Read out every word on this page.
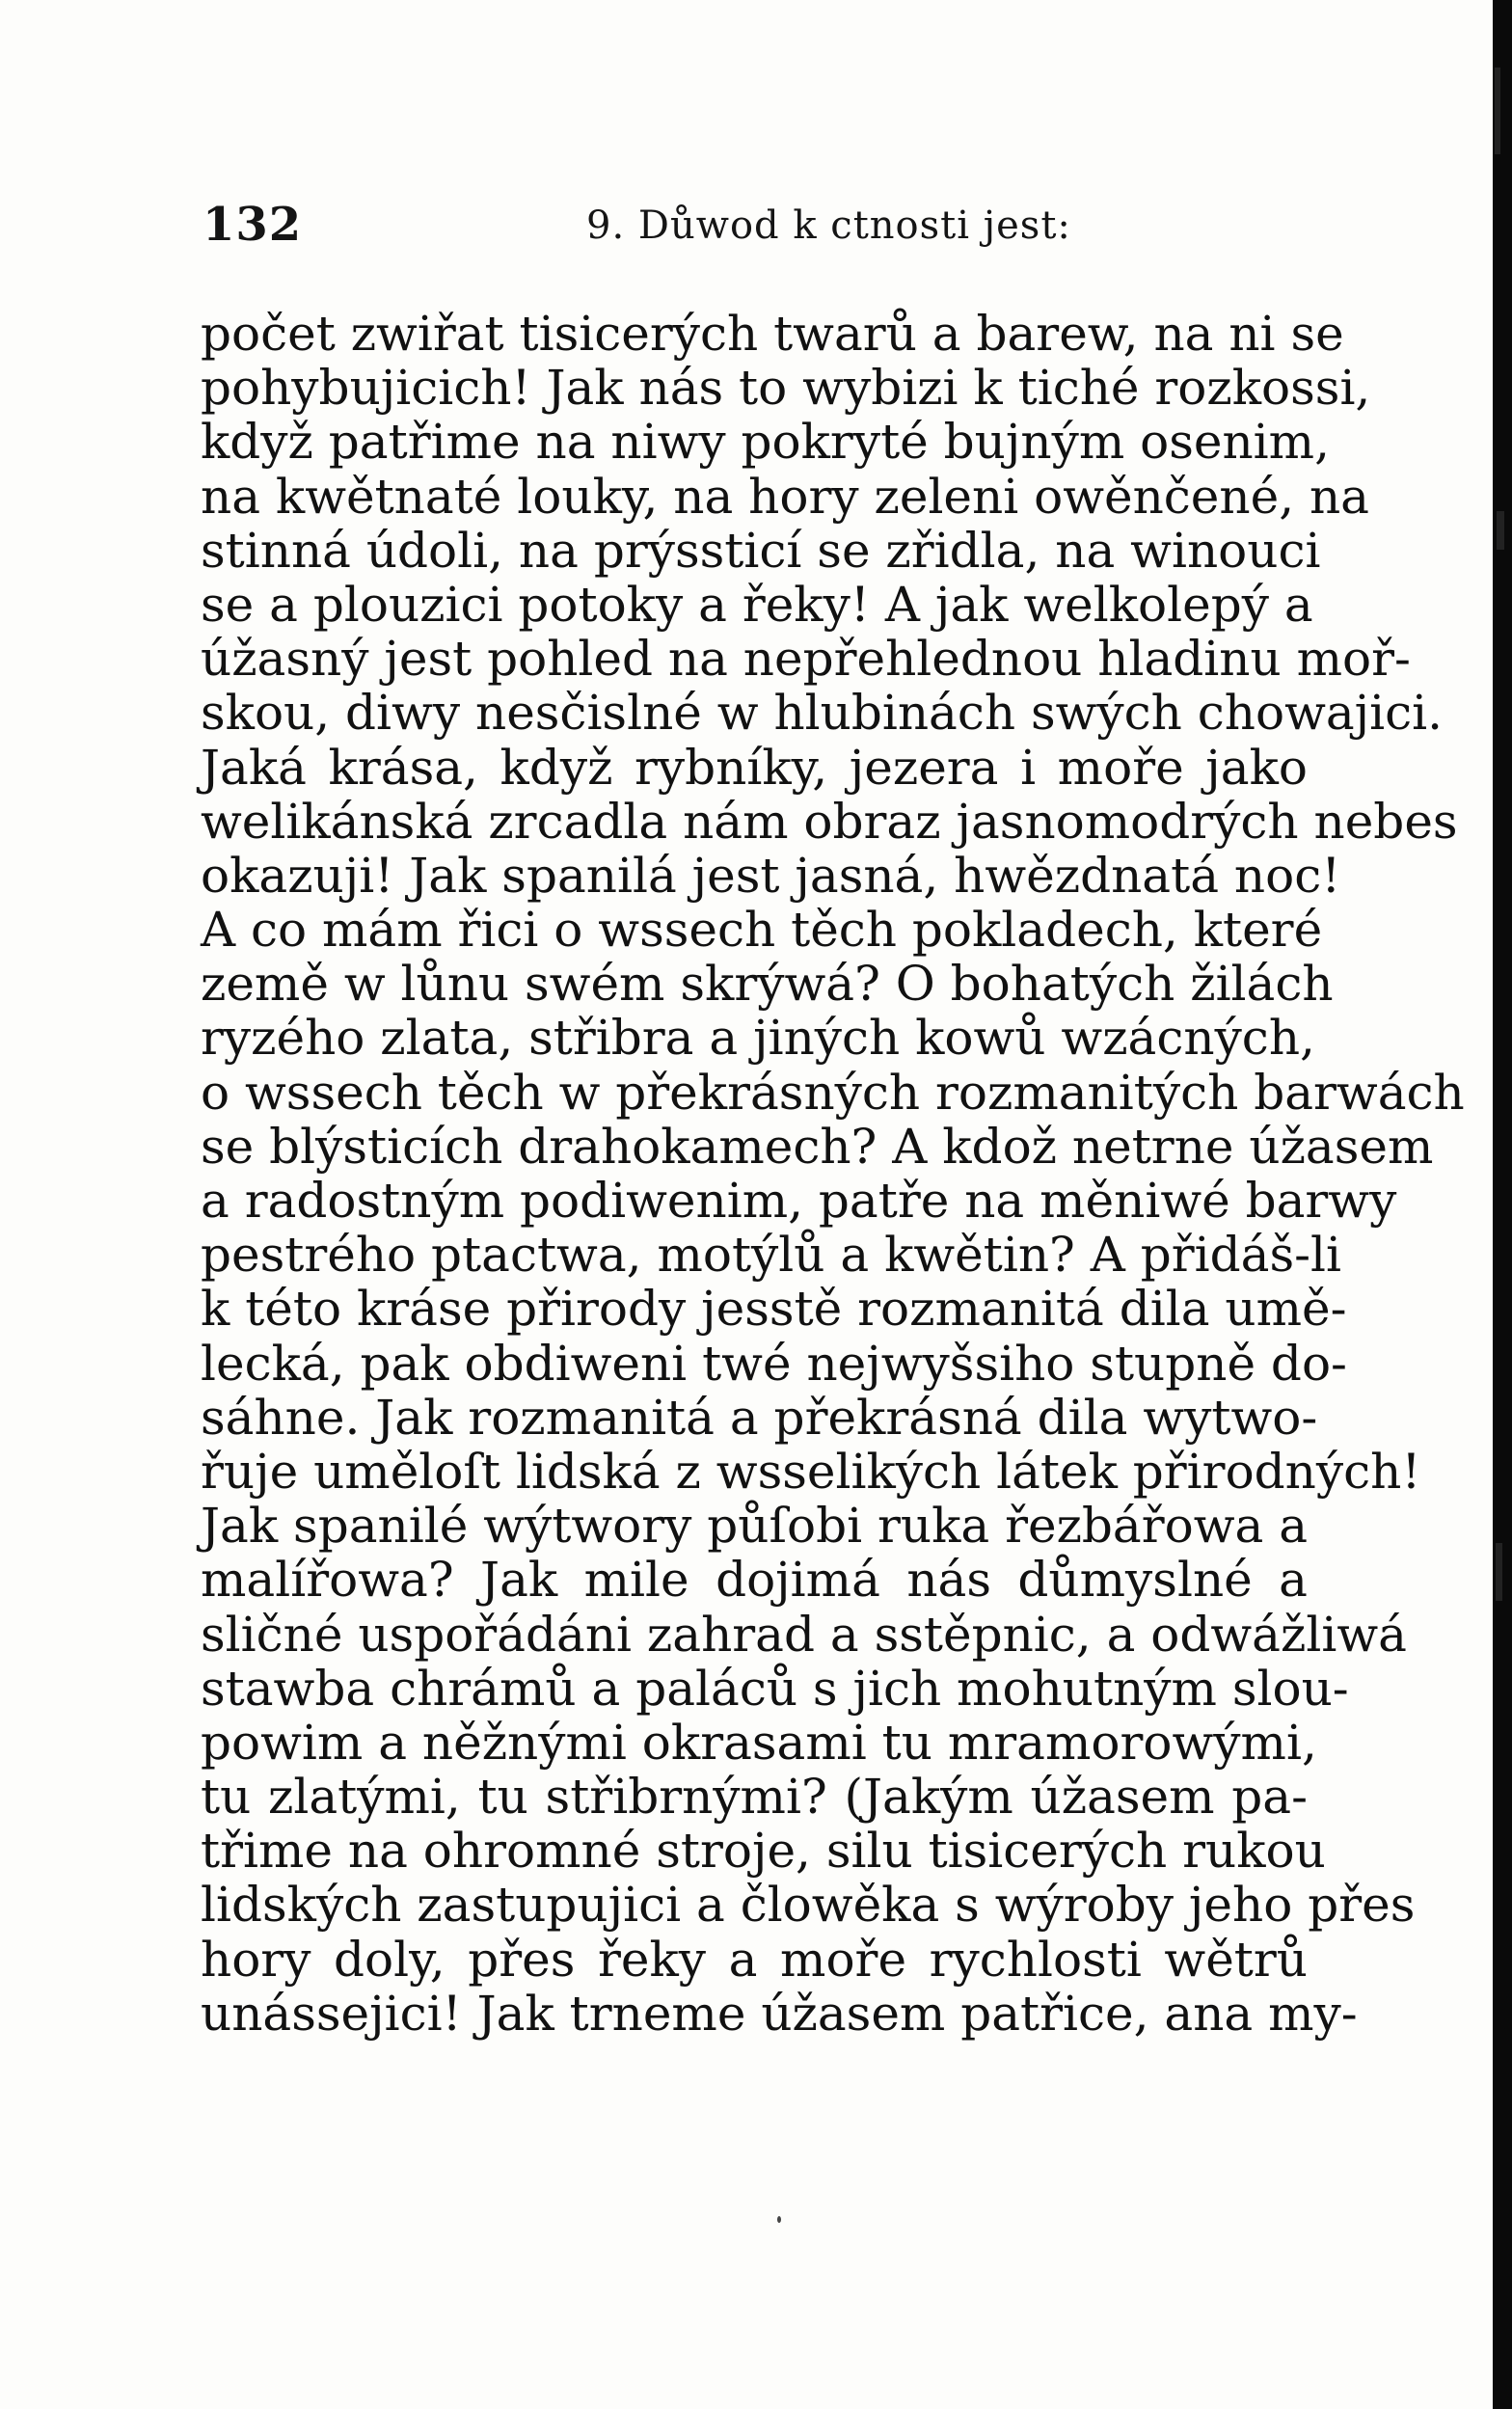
132	9. Důwod k ctnosti jest:
počet zwiřat tisicerých twarů a barew, na ni se
pohybujicich! Jak nás to wybizi k tiché rozkossi,
když patřime na niwy pokryté bujným osenim,
na kwětnaté louky, na hory zeleni owěnčené, na
stinná údoli, na prýssticí se zřidla, na winouci
se a plouzici potoky a řeky! A jak welkolepý a
úžasný jest pohled na nepřehlednou hladinu moř-
skou, diwy nesčislné w hlubinách swých chowajici.
Jaká krása, když rybníky, jezera i moře jako
welikánská zrcadla nám obraz jasnomodrých nebes
okazuji! Jak spanilá jest jasná, hwězdnatá noc!
A co mám řici o wssech těch pokladech, které
země w lůnu swém skrýwá? O bohatých žilách
ryzého zlata, střibra a jiných kowů wzácných,
o wssech těch w překrásných rozmanitých barwách
se blýsticích drahokamech? A kdož netrne úžasem
a radostným podiwenim, patře na měniwé barwy
pestrého ptactwa, motýlů a kwětin? A přidáš-li
k této kráse přirody jesstě rozmanitá dila umě-
lecká, pak obdiweni twé nejwyšsiho stupně do-
sáhne. Jak rozmanitá a překrásná dila wytwo-
řuje uměloſt lidská z wsselikých látek přirodných!
Jak spanilé wýtwory půſobi ruka řezbářowa a
malířowa? Jak mile dojimá nás důmyslné a
sličné uspořádáni zahrad a sstěpnic, a odwážliwá
stawba chrámů a paláců s jich mohutným slou-
powim a něžnými okrasami tu mramorowými,
tu zlatými, tu střibrnými? (Jakým úžasem pa-
třime na ohromné stroje, silu tisicerých rukou
lidských zastupujici a člowěka s wýroby jeho přes
hory doly, přes řeky a moře rychlosti wětrů
unássejici! Jak trneme úžasem patřice, ana my-
